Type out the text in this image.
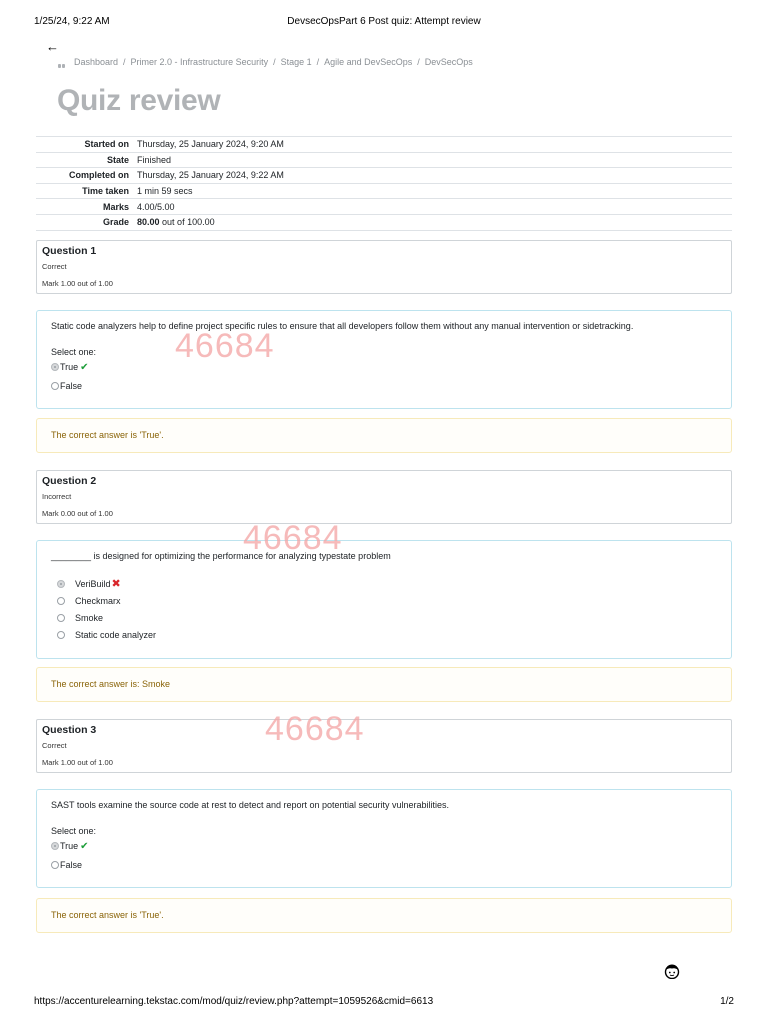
1/25/24, 9:22 AM	DevsecOpsPart 6 Post quiz: Attempt review
←
Dashboard / Primer 2.0 - Infrastructure Security / Stage 1 / Agile and DevSecOps / DevSecOps
Quiz review
Started on	Thursday, 25 January 2024, 9:20 AM
State	Finished
Completed on	Thursday, 25 January 2024, 9:22 AM
Time taken	1 min 59 secs
Marks	4.00/5.00
Grade	80.00 out of 100.00
Question 1
Correct
Mark 1.00 out of 1.00
Static code analyzers help to define project specific rules to ensure that all developers follow them without any manual intervention or sidetracking.
Select one:
True ✔
False
The correct answer is 'True'.
Question 2
Incorrect
Mark 0.00 out of 1.00
________ is designed for optimizing the performance for analyzing typestate problem
VeriBuild✖
Checkmarx
Smoke
Static code analyzer
The correct answer is: Smoke
Question 3
Correct
Mark 1.00 out of 1.00
SAST tools examine the source code at rest to detect and report on potential security vulnerabilities.
Select one:
True ✔
False
The correct answer is 'True'.
46684
46684
46684
https://accenturelearning.tekstac.com/mod/quiz/review.php?attempt=1059526&cmid=6613	1/2
